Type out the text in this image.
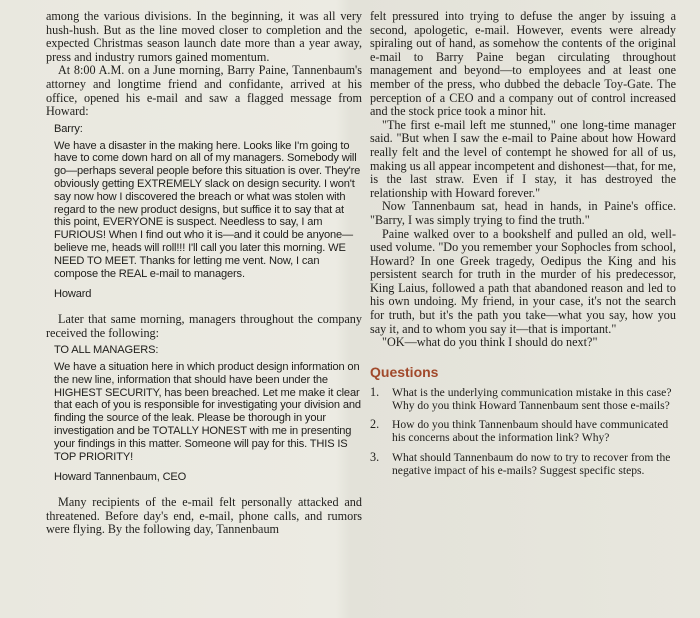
among the various divisions. In the beginning, it was all very hush-hush. But as the line moved closer to completion and the expected Christmas season launch date more than a year away, press and industry rumors gained momentum.

At 8:00 A.M. on a June morning, Barry Paine, Tannenbaum's attorney and longtime friend and confidante, arrived at his office, opened his e-mail and saw a flagged message from Howard:

Barry:

We have a disaster in the making here. Looks like I'm going to have to come down hard on all of my managers. Somebody will go—perhaps several people before this situation is over. They're obviously getting EXTREMELY slack on design security. I won't say now how I discovered the breach or what was stolen with regard to the new product designs, but suffice it to say that at this point, EVERYONE is suspect. Needless to say, I am FURIOUS! When I find out who it is—and it could be anyone—believe me, heads will roll!!! I'll call you later this morning. WE NEED TO MEET. Thanks for letting me vent. Now, I can compose the REAL e-mail to managers.

Howard

Later that same morning, managers throughout the company received the following:

TO ALL MANAGERS:

We have a situation here in which product design information on the new line, information that should have been under the HIGHEST SECURITY, has been breached. Let me make it clear that each of you is responsible for investigating your division and finding the source of the leak. Please be thorough in your investigation and be TOTALLY HONEST with me in presenting your findings in this matter. Someone will pay for this. THIS IS TOP PRIORITY!

Howard Tannenbaum, CEO

Many recipients of the e-mail felt personally attacked and threatened. Before day's end, e-mail, phone calls, and rumors were flying. By the following day, Tannenbaum

felt pressured into trying to defuse the anger by issuing a second, apologetic, e-mail. However, events were already spiraling out of hand, as somehow the contents of the original e-mail to Barry Paine began circulating throughout management and beyond—to employees and at least one member of the press, who dubbed the debacle Toy-Gate. The perception of a CEO and a company out of control increased and the stock price took a minor hit.

"The first e-mail left me stunned," one long-time manager said. "But when I saw the e-mail to Paine about how Howard really felt and the level of contempt he showed for all of us, making us all appear incompetent and dishonest—that, for me, is the last straw. Even if I stay, it has destroyed the relationship with Howard forever."

Now Tannenbaum sat, head in hands, in Paine's office. "Barry, I was simply trying to find the truth."

Paine walked over to a bookshelf and pulled an old, well-used volume. "Do you remember your Sophocles from school, Howard? In one Greek tragedy, Oedipus the King and his persistent search for truth in the murder of his predecessor, King Laius, followed a path that abandoned reason and led to his own undoing. My friend, in your case, it's not the search for truth, but it's the path you take—what you say, how you say it, and to whom you say it—that is important."

"OK—what do you think I should do next?"

Questions
1.	What is the underlying communication mistake in this case? Why do you think Howard Tannenbaum sent those e-mails?
2.	How do you think Tannenbaum should have communicated his concerns about the information link? Why?
3.	What should Tannenbaum do now to try to recover from the negative impact of his e-mails? Suggest specific steps.
